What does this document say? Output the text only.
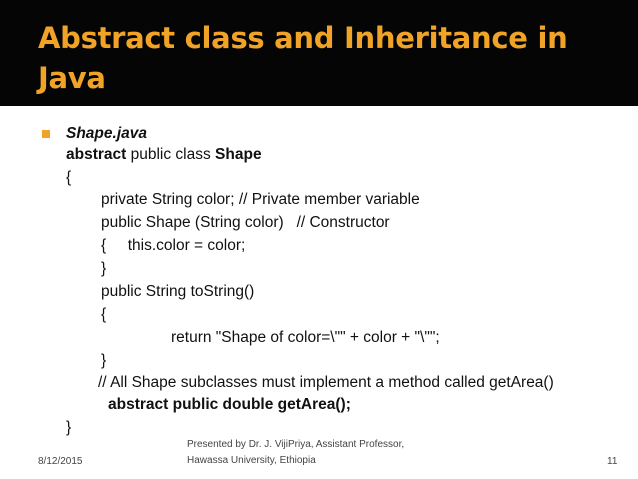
Abstract class and Inheritance in Java
Shape.java
abstract public class Shape
{
private String color; // Private member variable
public Shape (String color)   // Constructor
{     this.color = color;
}
public String toString()
{
return "Shape of color=\"" + color + "\"";
}
// All Shape subclasses must implement a method called getArea()
abstract public double getArea();
}
8/12/2015
Presented by Dr. J. VijiPriya, Assistant Professor,
Hawassa University, Ethiopia	11
